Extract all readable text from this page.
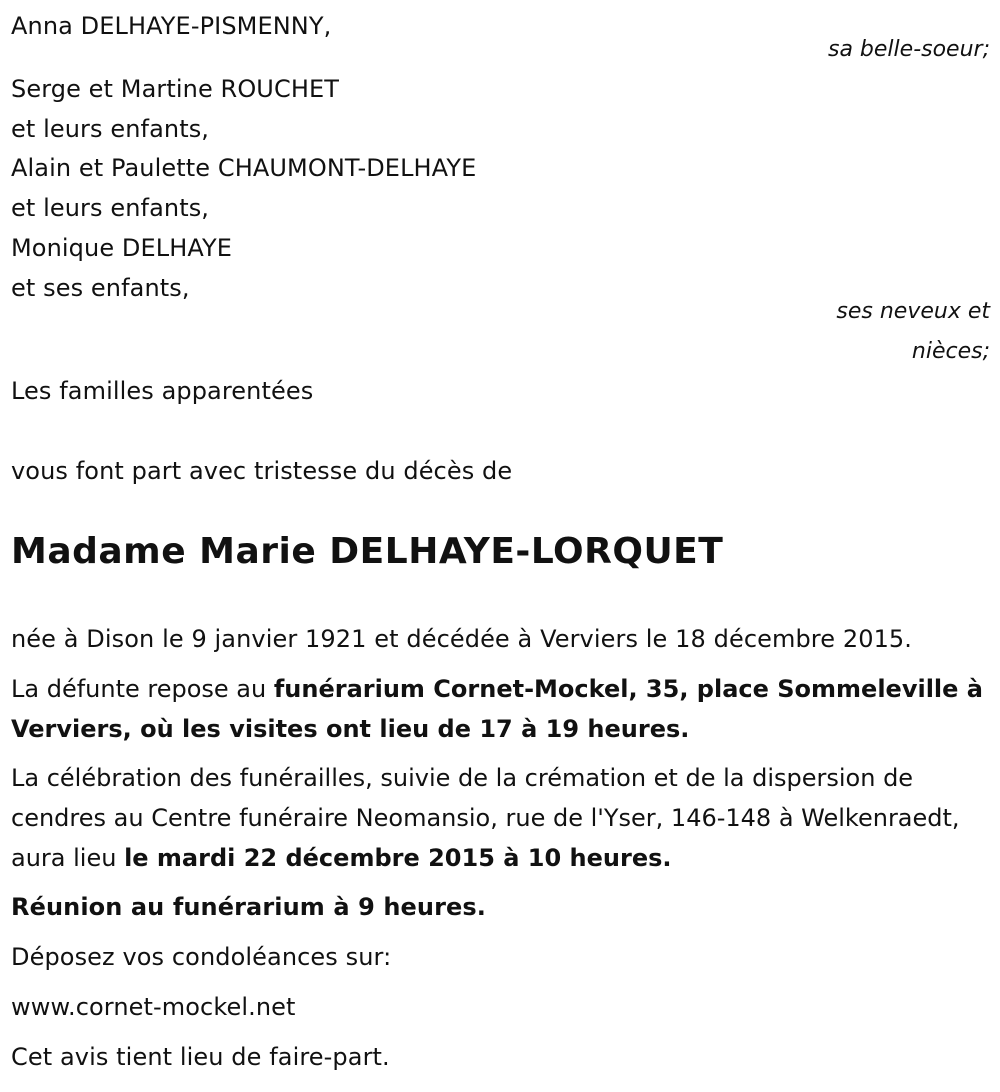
Anna DELHAYE-PISMENNY,
sa belle-soeur;
Serge et Martine ROUCHET
et leurs enfants,
Alain et Paulette CHAUMONT-DELHAYE
et leurs enfants,
Monique DELHAYE
et ses enfants,
ses neveux et
nièces;
Les familles apparentées
vous font part avec tristesse du décès de
Madame Marie DELHAYE-LORQUET
née à Dison le 9 janvier 1921 et décédée à Verviers le 18 décembre 2015.
La défunte repose au funérarium Cornet-Mockel, 35, place Sommeleville à Verviers, où les visites ont lieu de 17 à 19 heures.
La célébration des funérailles, suivie de la crémation et de la dispersion de cendres au Centre funéraire Neomansio, rue de l'Yser, 146-148 à Welkenraedt, aura lieu le mardi 22 décembre 2015 à 10 heures.
Réunion au funérarium à 9 heures.
Déposez vos condoléances sur:
www.cornet-mockel.net
Cet avis tient lieu de faire-part.
